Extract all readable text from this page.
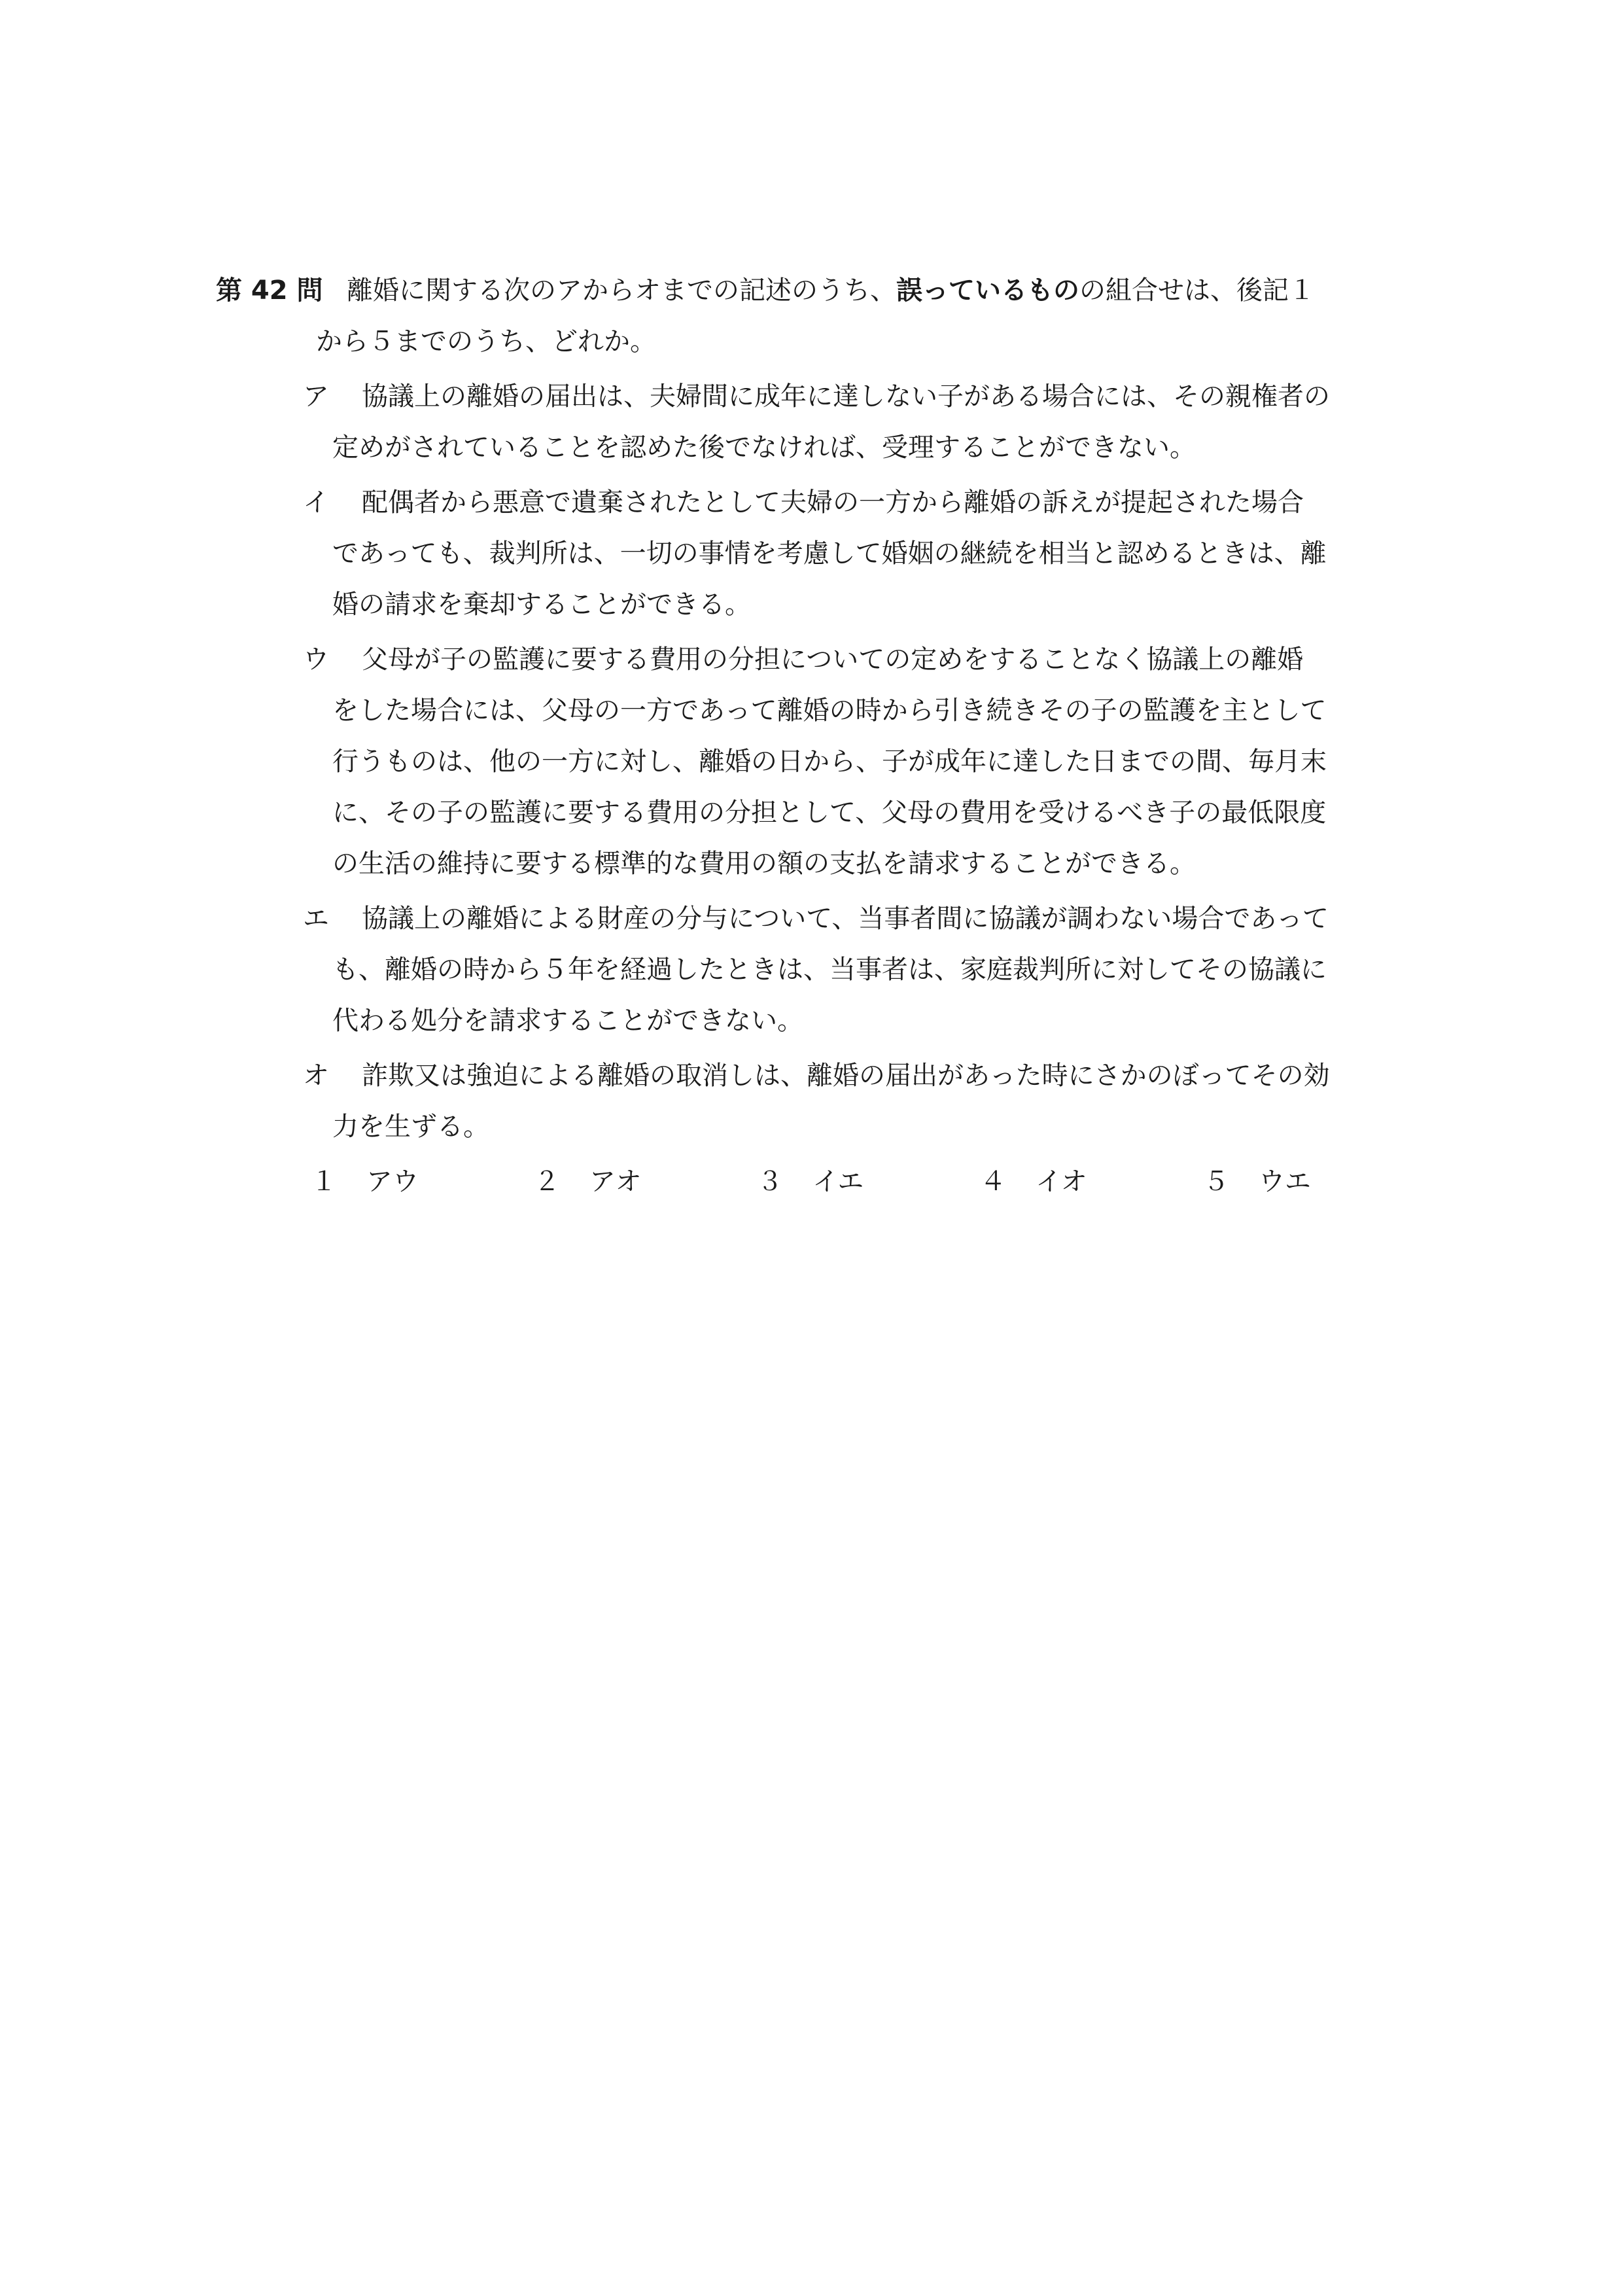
第 42 問 離婚に関する次のアからオまでの記述のうち、誤っているものの組合せは、後記１
から５までのうち、どれか。
ア	協議上の離婚の届出は、夫婦間に成年に達しない子がある場合には、その親権者の
定めがされていることを認めた後でなければ、受理することができない。
イ	配偶者から悪意で遺棄されたとして夫婦の一方から離婚の訴えが提起された場合
であっても、裁判所は、一切の事情を考慮して婚姻の継続を相当と認めるときは、離
婚の請求を棄却することができる。
ウ	父母が子の監護に要する費用の分担についての定めをすることなく協議上の離婚
をした場合には、父母の一方であって離婚の時から引き続きその子の監護を主として
行うものは、他の一方に対し、離婚の日から、子が成年に達した日までの間、毎月末
に、その子の監護に要する費用の分担として、父母の費用を受けるべき子の最低限度
の生活の維持に要する標準的な費用の額の支払を請求することができる。
エ	協議上の離婚による財産の分与について、当事者間に協議が調わない場合であって
も、離婚の時から５年を経過したときは、当事者は、家庭裁判所に対してその協議に
代わる処分を請求することができない。
オ	詐欺又は強迫による離婚の取消しは、離婚の届出があった時にさかのぼってその効
力を生ずる。
１	アウ	２	アオ	３	イエ	４	イオ	５	ウエ
